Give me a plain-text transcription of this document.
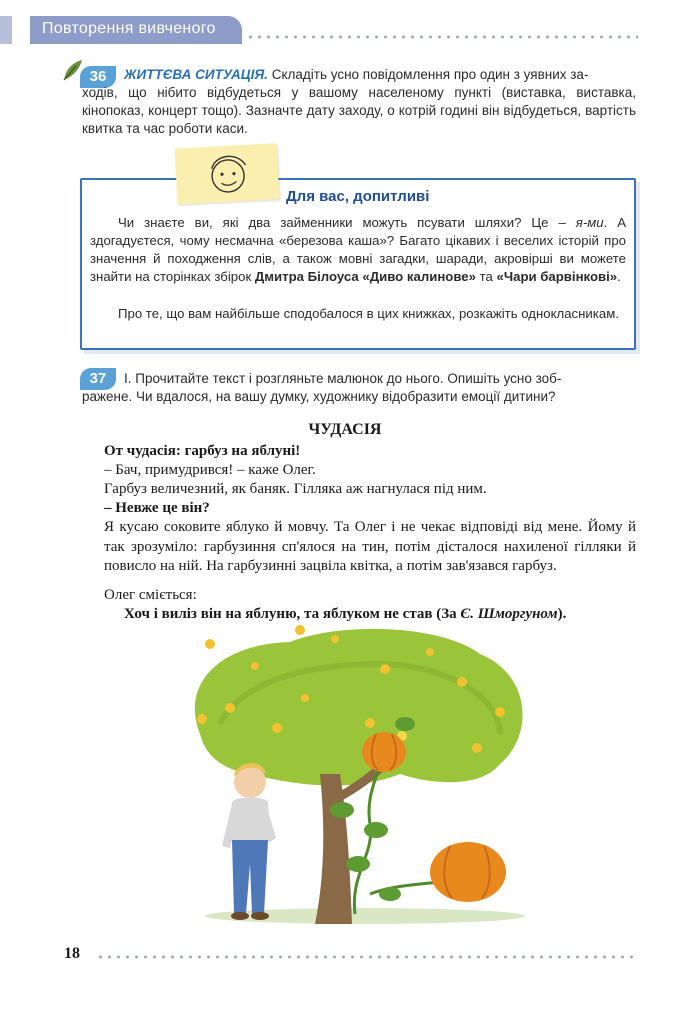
Повторення вивченого
36	ЖИТТЄВА СИТУАЦІЯ. Складіть усно повідомлення про один з уявних за-
ходів, що нібито відбудеться у вашому населеному пункті (виставка, виставка, кінопоказ, концерт тощо). Зазначте дату заходу, о котрій годині він відбудеться, вартість квитка та час роботи каси.
Для вас, допитливі
Чи знаєте ви, які два займенники можуть псувати шляхи? Це – я-ми. А здогадуєтеся, чому несмачна «березова каша»? Багато цікавих і веселих історій про значення й походження слів, а також мовні загадки, шаради, акровірші ви можете знайти на сторінках збірок Дмитра Білоуса «Диво калинове» та «Чари барвінкові».
Про те, що вам найбільше сподобалося в цих книжках, розкажіть однокласникам.
37	І. Прочитайте текст і розгляньте малюнок до нього. Опишіть усно зоб-
ражене. Чи вдалося, на вашу думку, художнику відобразити емоції дитини?
ЧУДАСІЯ
От чудасія: гарбуз на яблуні!
– Бач, примудрився! – каже Олег.
Гарбуз величезний, як баняк. Гілляка аж нагнулася під ним.
– Невже це він?
Я кусаю соковите яблуко й мовчу. Та Олег і не чекає відповіді від мене. Йому й так зрозуміло: гарбузиння сп'ялося на тин, потім дісталося нахиленої гілляки й повисло на ній. На гарбузинні зацвіла квітка, а потім зав'язався гарбуз.
Олег сміється:
Хоч і виліз він на яблуню, та яблуком не став (За Є. Шморгуном).
18
